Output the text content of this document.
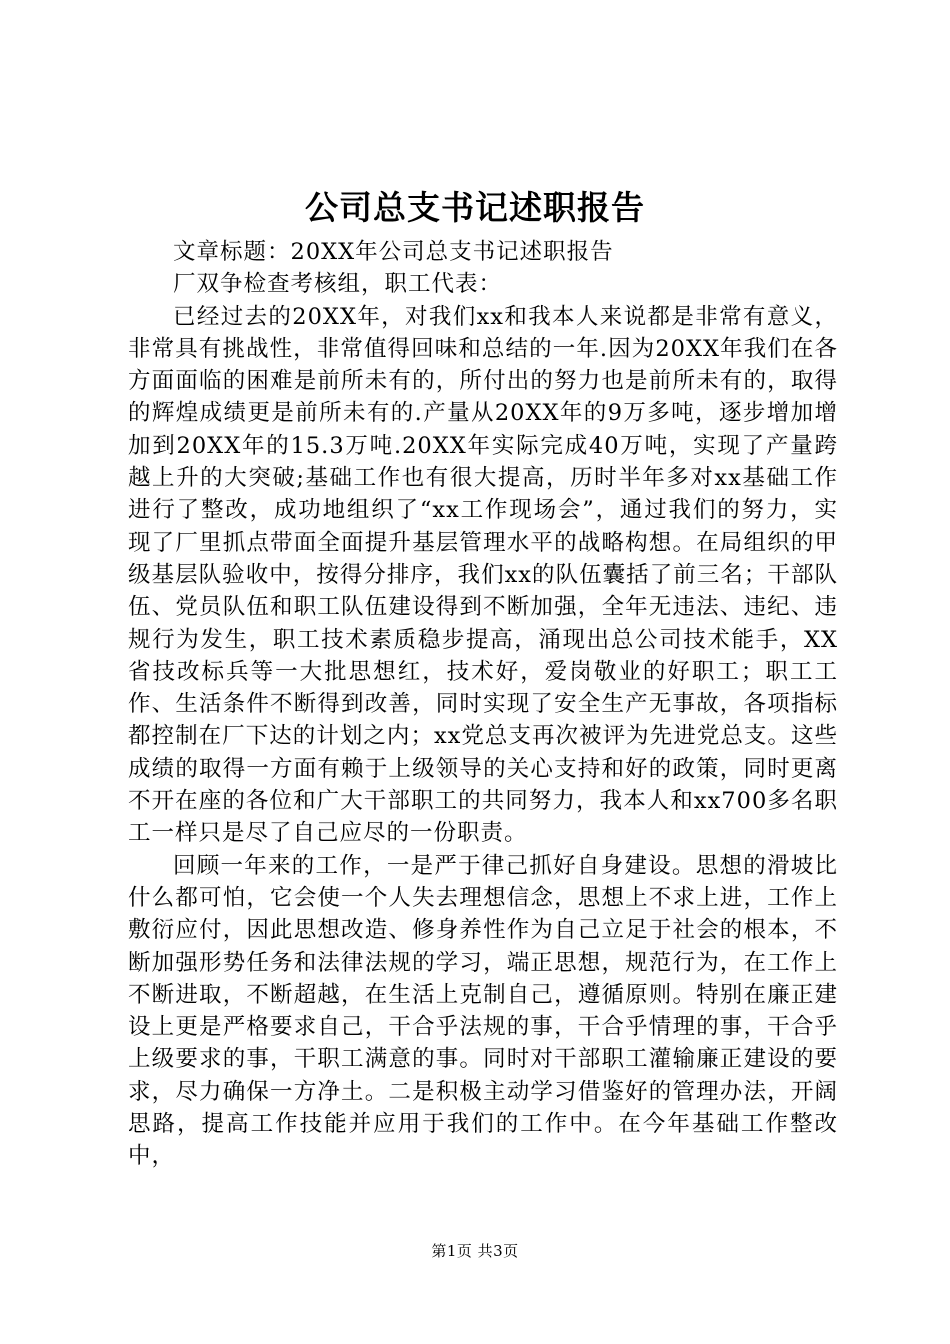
公司总支书记述职报告

文章标题：20XX年公司总支书记述职报告

厂双争检查考核组，职工代表：

已经过去的20XX年，对我们xx和我本人来说都是非常有意义，非常具有挑战性，非常值得回味和总结的一年.因为20XX年我们在各方面面临的困难是前所未有的，所付出的努力也是前所未有的，取得的辉煌成绩更是前所未有的.产量从20XX年的9万多吨，逐步增加增加到20XX年的15.3万吨.20XX年实际完成40万吨，实现了产量跨越上升的大突破;基础工作也有很大提高，历时半年多对xx基础工作进行了整改，成功地组织了“xx工作现场会”，通过我们的努力，实现了厂里抓点带面全面提升基层管理水平的战略构想。在局组织的甲级基层队验收中，按得分排序，我们xx的队伍囊括了前三名；干部队伍、党员队伍和职工队伍建设得到不断加强，全年无违法、违纪、违规行为发生，职工技术素质稳步提高，涌现出总公司技术能手，XX省技改标兵等一大批思想红，技术好，爱岗敬业的好职工；职工工作、生活条件不断得到改善，同时实现了安全生产无事故，各项指标都控制在厂下达的计划之内；xx党总支再次被评为先进党总支。这些成绩的取得一方面有赖于上级领导的关心支持和好的政策，同时更离不开在座的各位和广大干部职工的共同努力，我本人和xx700多名职工一样只是尽了自己应尽的一份职责。

回顾一年来的工作，一是严于律己抓好自身建设。思想的滑坡比什么都可怕，它会使一个人失去理想信念，思想上不求上进，工作上敷衍应付，因此思想改造、修身养性作为自己立足于社会的根本，不断加强形势任务和法律法规的学习，端正思想，规范行为，在工作上不断进取，不断超越，在生活上克制自己，遵循原则。特别在廉正建设上更是严格要求自己，干合乎法规的事，干合乎情理的事，干合乎上级要求的事，干职工满意的事。同时对干部职工灌输廉正建设的要求，尽力确保一方净土。二是积极主动学习借鉴好的管理办法，开阔思路，提高工作技能并应用于我们的工作中。在今年基础工作整改中，

第1页 共3页
